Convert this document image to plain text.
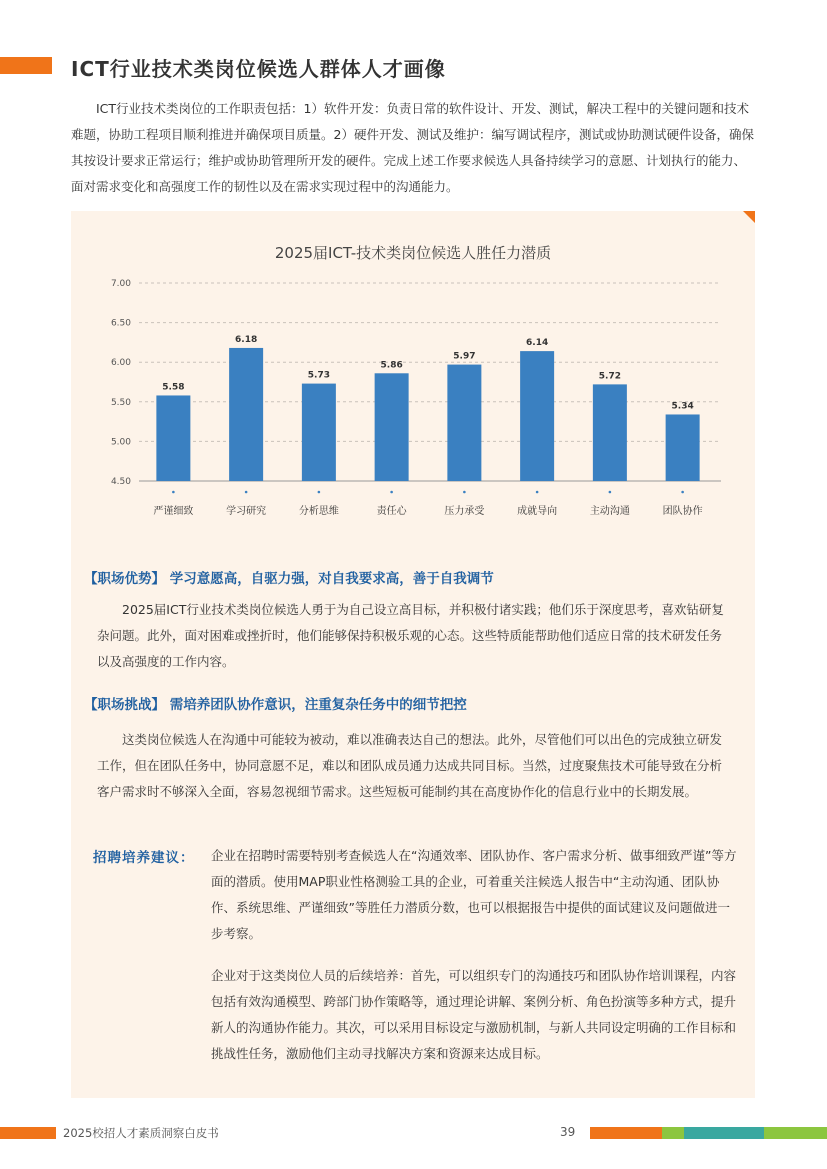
ICT行业技术类岗位候选人群体人才画像
ICT行业技术类岗位的工作职责包括：1）软件开发：负责日常的软件设计、开发、测试，解决工程中的关键问题和技术难题，协助工程项目顺利推进并确保项目质量。2）硬件开发、测试及维护：编写调试程序，测试或协助测试硬件设备，确保其按设计要求正常运行；维护或协助管理所开发的硬件。完成上述工作要求候选人具备持续学习的意愿、计划执行的能力、面对需求变化和高强度工作的韧性以及在需求实现过程中的沟通能力。
2025届ICT-技术类岗位候选人胜任力潜质
7.00
6.50
6.00
5.50
5.00
4.50
5.58
严谨细致
6.18
学习研究
5.73
分析思维
5.86
责任心
5.97
压力承受
6.14
成就导向
5.72
主动沟通
5.34
团队协作
【职场优势】 学习意愿高，自驱力强，对自我要求高，善于自我调节
2025届ICT行业技术类岗位候选人勇于为自己设立高目标，并积极付诸实践；他们乐于深度思考，喜欢钻研复杂问题。此外，面对困难或挫折时，他们能够保持积极乐观的心态。这些特质能帮助他们适应日常的技术研发任务以及高强度的工作内容。
【职场挑战】 需培养团队协作意识，注重复杂任务中的细节把控
这类岗位候选人在沟通中可能较为被动，难以准确表达自己的想法。此外，尽管他们可以出色的完成独立研发工作，但在团队任务中，协同意愿不足，难以和团队成员通力达成共同目标。当然，过度聚焦技术可能导致在分析客户需求时不够深入全面，容易忽视细节需求。这些短板可能制约其在高度协作化的信息行业中的长期发展。
招聘培养建议： 企业在招聘时需要特别考查候选人在“沟通效率、团队协作、客户需求分析、做事细致严谨”等方面的潜质。使用MAP职业性格测验工具的企业，可着重关注候选人报告中“主动沟通、团队协作、系统思维、严谨细致”等胜任力潜质分数，也可以根据报告中提供的面试建议及问题做进一步考察。
企业对于这类岗位人员的后续培养：首先，可以组织专门的沟通技巧和团队协作培训课程，内容包括有效沟通模型、跨部门协作策略等，通过理论讲解、案例分析、角色扮演等多种方式，提升新人的沟通协作能力。其次，可以采用目标设定与激励机制，与新人共同设定明确的工作目标和挑战性任务，激励他们主动寻找解决方案和资源来达成目标。
2025校招人才素质洞察白皮书	39
